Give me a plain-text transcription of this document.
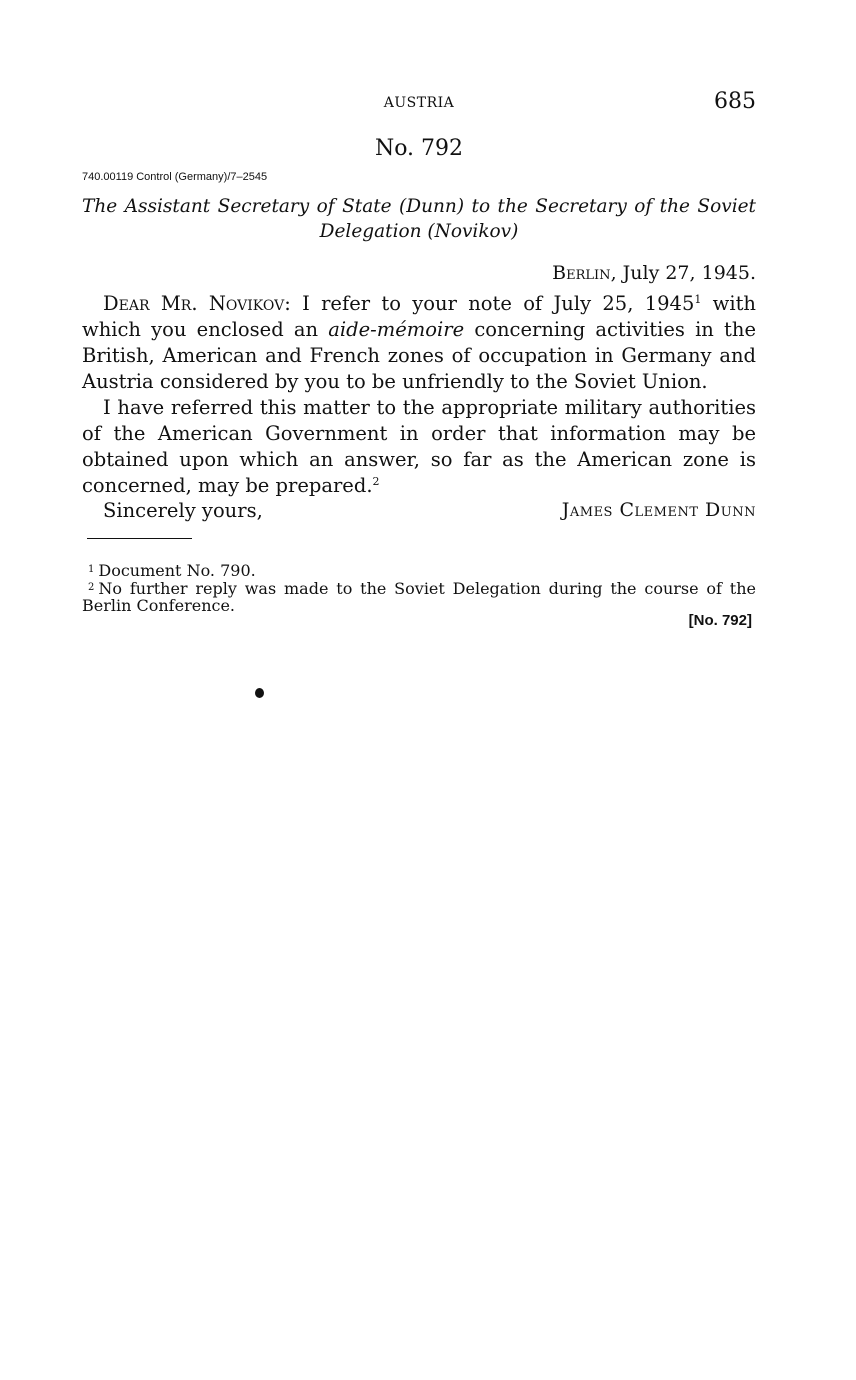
AUSTRIA	685
No. 792
740.00119 Control (Germany)/7–2545
The Assistant Secretary of State (Dunn) to the Secretary of the Soviet Delegation (Novikov)
Berlin, July 27, 1945.

Dear Mr. Novikov: I refer to your note of July 25, 1945$^1$ with which you enclosed an aide-mémoire concerning activities in the British, American and French zones of occupation in Germany and Austria considered by you to be unfriendly to the Soviet Union.

I have referred this matter to the appropriate military authorities of the American Government in order that information may be obtained upon which an answer, so far as the American zone is concerned, may be prepared.$^2$

Sincerely yours,	James Clement Dunn

$^1$ Document No. 790.

$^2$ No further reply was made to the Soviet Delegation during the course of the Berlin Conference.

[No. 792]
